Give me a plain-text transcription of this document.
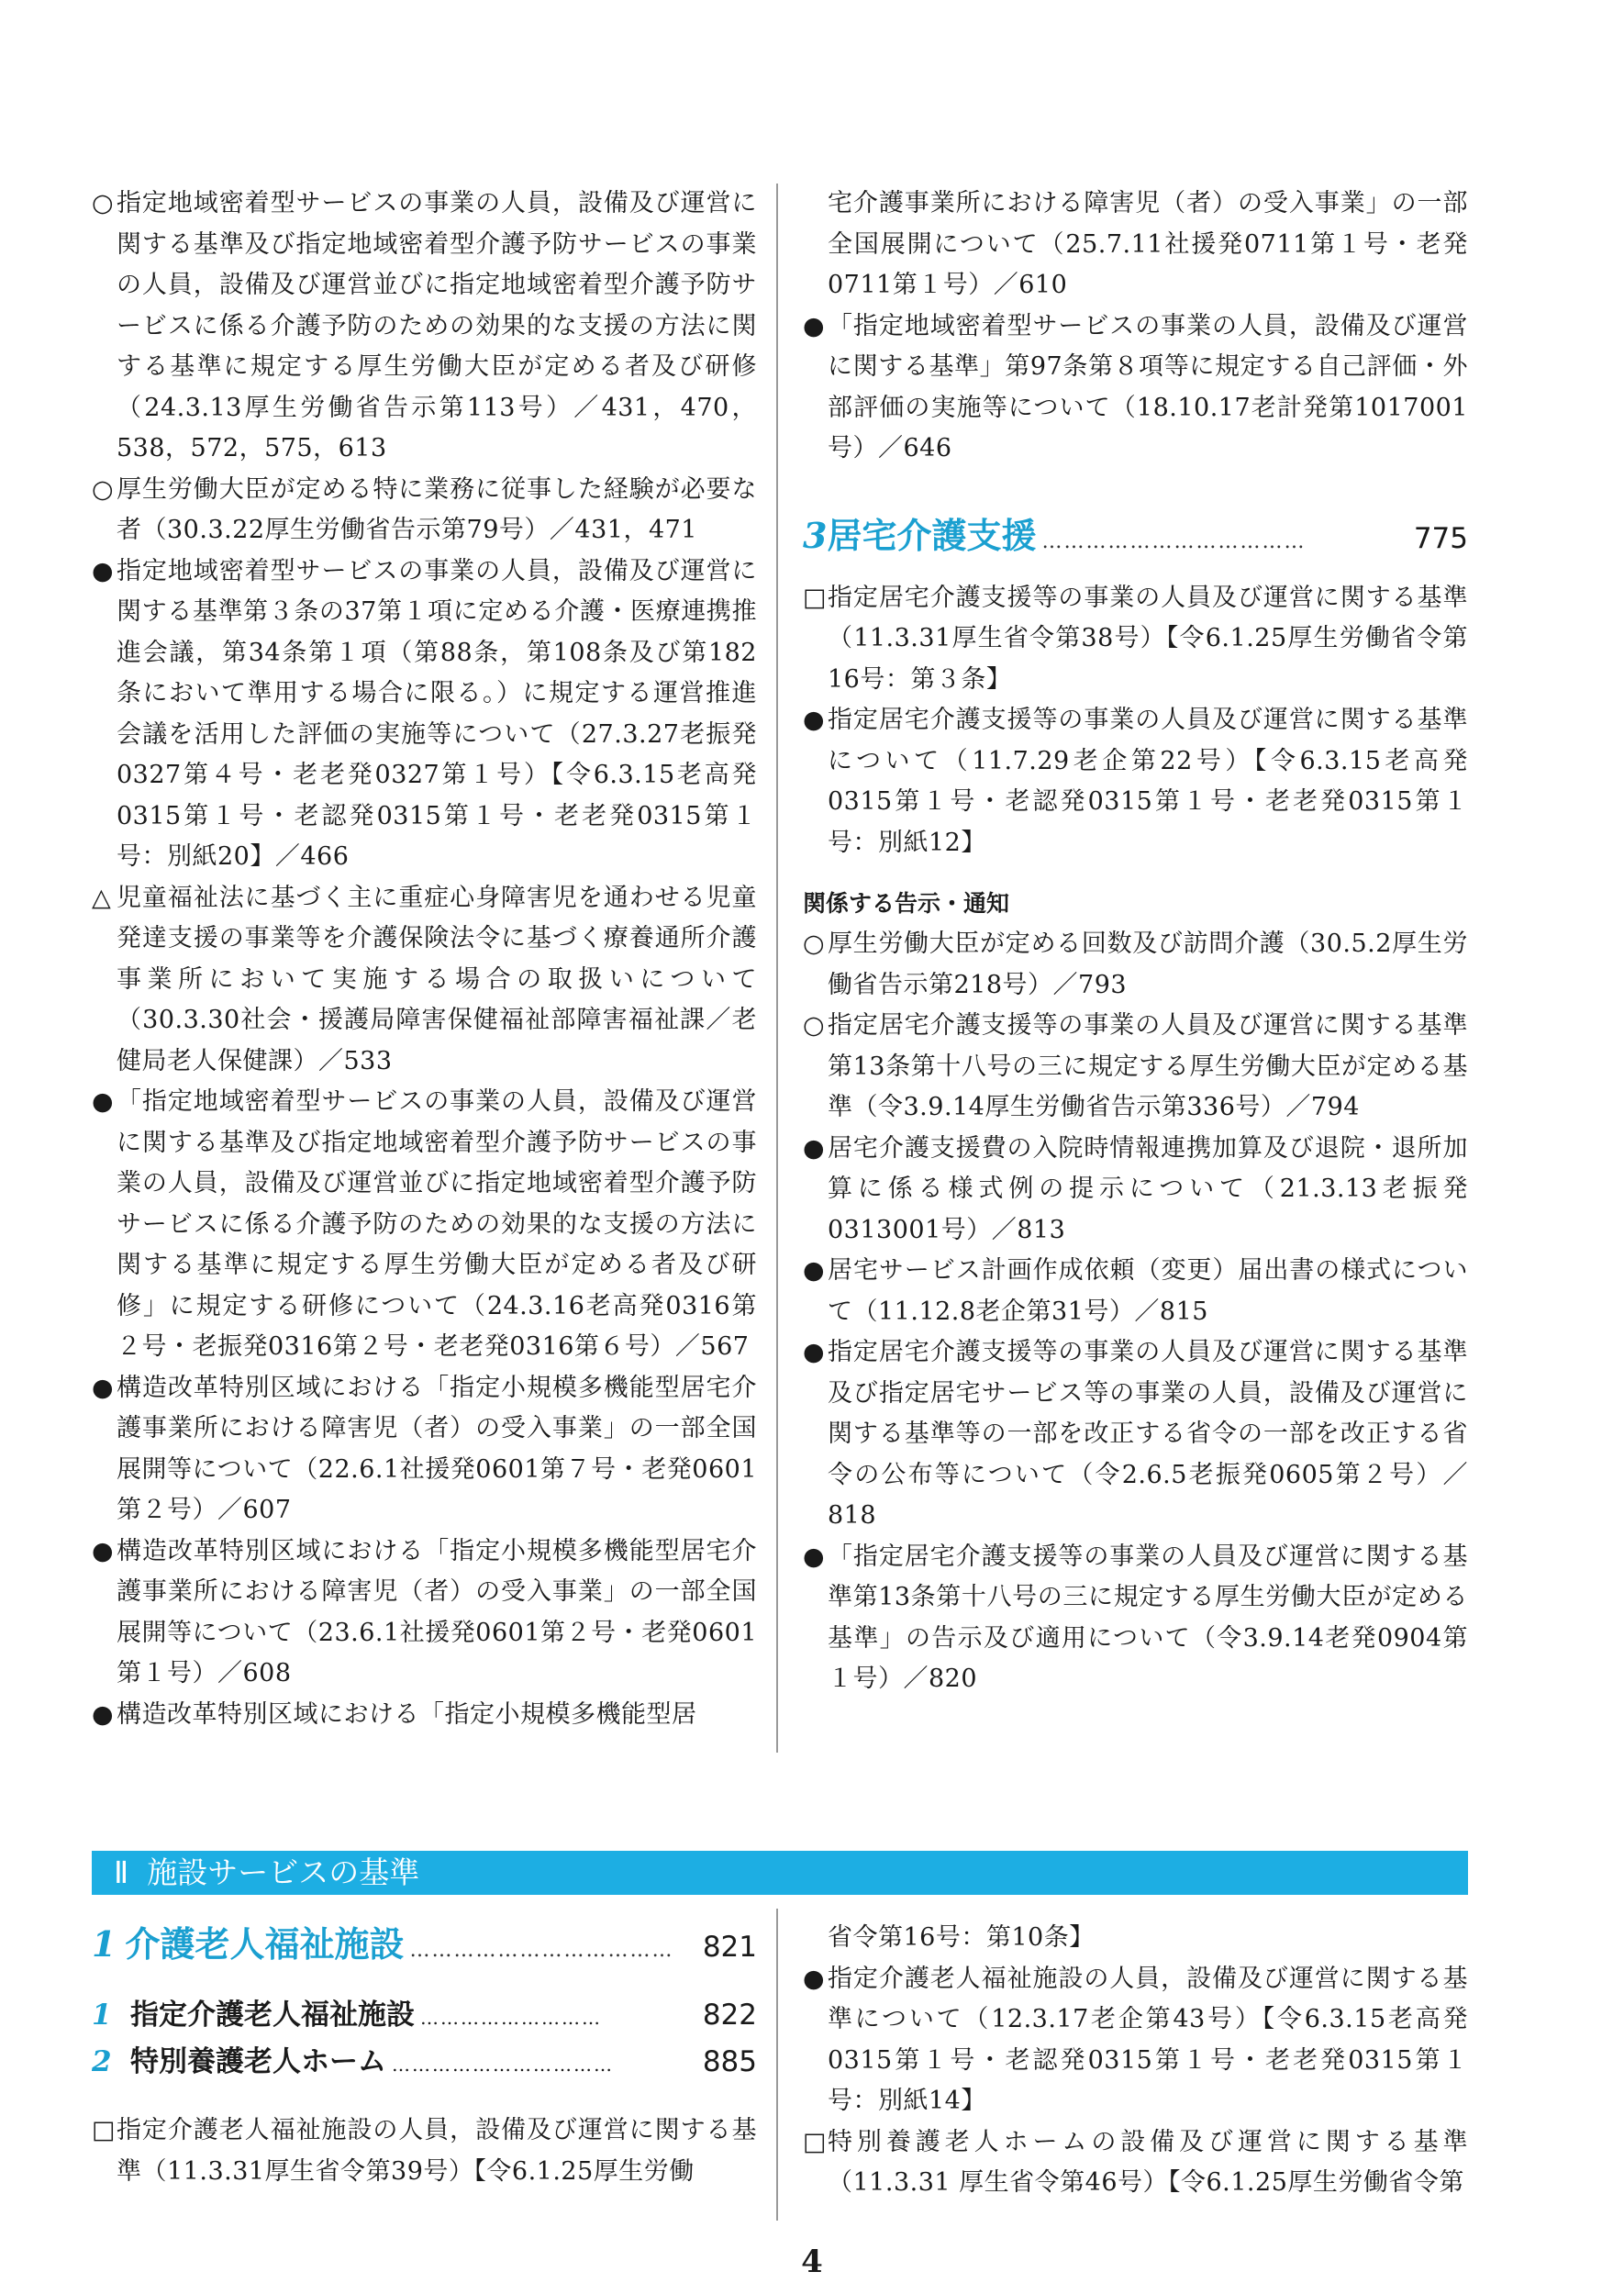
○ 指定地域密着型サービスの事業の人員，設備及び運営に関する基準及び指定地域密着型介護予防サービスの事業の人員，設備及び運営並びに指定地域密着型介護予防サービスに係る介護予防のための効果的な支援の方法に関する基準に規定する厚生労働大臣が定める者及び研修（24.3.13厚生労働省告示第113号）／431，470，538，572，575，613
○ 厚生労働大臣が定める特に業務に従事した経験が必要な者（30.3.22厚生労働省告示第79号）／431，471
● 指定地域密着型サービスの事業の人員，設備及び運営に関する基準第３条の37第１項に定める介護・医療連携推進会議，第34条第１項（第88条，第108条及び第182条において準用する場合に限る。）に規定する運営推進会議を活用した評価の実施等について（27.3.27老振発0327第４号・老老発0327第１号）【令6.3.15老高発0315第１号・老認発0315第１号・老老発0315第１号：別紙20】／466
△ 児童福祉法に基づく主に重症心身障害児を通わせる児童発達支援の事業等を介護保険法令に基づく療養通所介護事業所において実施する場合の取扱いについて（30.3.30社会・援護局障害保健福祉部障害福祉課／老健局老人保健課）／533
● 「指定地域密着型サービスの事業の人員，設備及び運営に関する基準及び指定地域密着型介護予防サービスの事業の人員，設備及び運営並びに指定地域密着型介護予防サービスに係る介護予防のための効果的な支援の方法に関する基準に規定する厚生労働大臣が定める者及び研修」に規定する研修について（24.3.16老高発0316第２号・老振発0316第２号・老老発0316第６号）／567
● 構造改革特別区域における「指定小規模多機能型居宅介護事業所における障害児（者）の受入事業」の一部全国展開等について（22.6.1社援発0601第７号・老発0601第２号）／607
● 構造改革特別区域における「指定小規模多機能型居宅介護事業所における障害児（者）の受入事業」の一部全国展開等について（23.6.1社援発0601第２号・老発0601第１号）／608
● 構造改革特別区域における「指定小規模多機能型居
宅介護事業所における障害児（者）の受入事業」の一部全国展開について（25.7.11社援発0711第１号・老発0711第１号）／610
● 「指定地域密着型サービスの事業の人員，設備及び運営に関する基準」第97条第８項等に規定する自己評価・外部評価の実施等について（18.10.17老計発第1017001号）／646
3 居宅介護支援 ………………………………	775
□ 指定居宅介護支援等の事業の人員及び運営に関する基準（11.3.31厚生省令第38号）【令6.1.25厚生労働省令第16号：第３条】
● 指定居宅介護支援等の事業の人員及び運営に関する基準について（11.7.29老企第22号）【令6.3.15老高発0315第１号・老認発0315第１号・老老発0315第１号：別紙12】
関係する告示・通知
○ 厚生労働大臣が定める回数及び訪問介護（30.5.2厚生労働省告示第218号）／793
○ 指定居宅介護支援等の事業の人員及び運営に関する基準第13条第十八号の三に規定する厚生労働大臣が定める基準（令3.9.14厚生労働省告示第336号）／794
● 居宅介護支援費の入院時情報連携加算及び退院・退所加算に係る様式例の提示について（21.3.13老振発0313001号）／813
● 居宅サービス計画作成依頼（変更）届出書の様式について（11.12.8老企第31号）／815
● 指定居宅介護支援等の事業の人員及び運営に関する基準及び指定居宅サービス等の事業の人員，設備及び運営に関する基準等の一部を改正する省令の一部を改正する省令の公布等について（令2.6.5老振発0605第２号）／818
● 「指定居宅介護支援等の事業の人員及び運営に関する基準第13条第十八号の三に規定する厚生労働大臣が定める基準」の告示及び適用について（令3.9.14老発0904第１号）／820
Ⅱ 施設サービスの基準
1 介護老人福祉施設 ………………………………	821
1 指定介護老人福祉施設 ………………………	822
2 特別養護老人ホーム ……………………………	885
□ 指定介護老人福祉施設の人員，設備及び運営に関する基準（11.3.31厚生省令第39号）【令6.1.25厚生労働
省令第16号：第10条】
● 指定介護老人福祉施設の人員，設備及び運営に関する基準について（12.3.17老企第43号）【令6.3.15老高発0315第１号・老認発0315第１号・老老発0315第１号：別紙14】
□ 特別養護老人ホームの設備及び運営に関する基準（11.3.31 厚生省令第46号）【令6.1.25厚生労働省令第
4
